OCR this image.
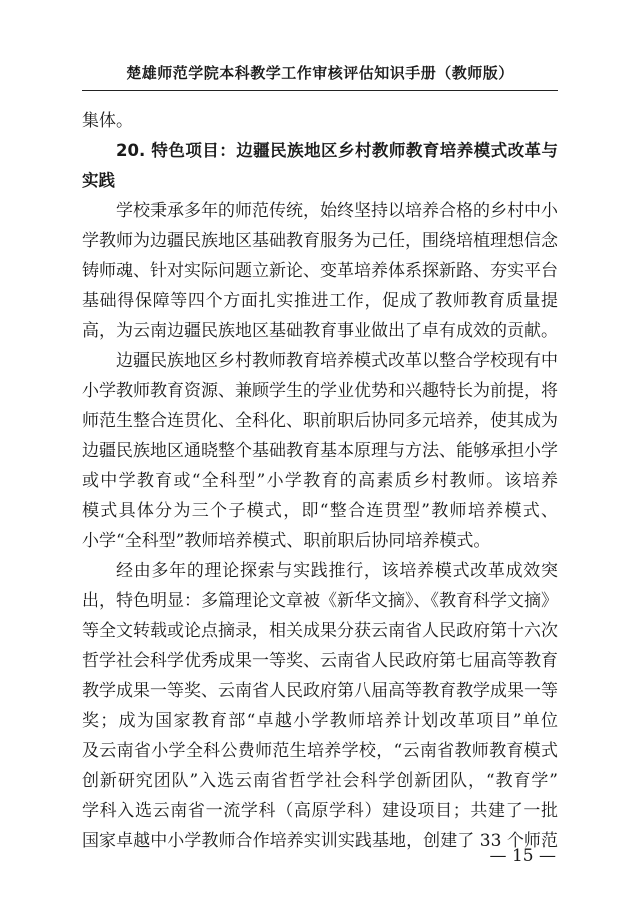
楚雄师范学院本科教学工作审核评估知识手册（教师版）
集体。
20. 特色项目：边疆民族地区乡村教师教育培养模式改革与
实践
学校秉承多年的师范传统，始终坚持以培养合格的乡村中小
学教师为边疆民族地区基础教育服务为己任，围绕培植理想信念
铸师魂、针对实际问题立新论、变革培养体系探新路、夯实平台
基础得保障等四个方面扎实推进工作，促成了教师教育质量提
高，为云南边疆民族地区基础教育事业做出了卓有成效的贡献。
边疆民族地区乡村教师教育培养模式改革以整合学校现有中
小学教师教育资源、兼顾学生的学业优势和兴趣特长为前提，将
师范生整合连贯化、全科化、职前职后协同多元培养，使其成为
边疆民族地区通晓整个基础教育基本原理与方法、能够承担小学
或中学教育或“全科型”小学教育的高素质乡村教师。该培养
模式具体分为三个子模式，即“整合连贯型”教师培养模式、
小学“全科型”教师培养模式、职前职后协同培养模式。
经由多年的理论探索与实践推行，该培养模式改革成效突
出，特色明显：多篇理论文章被《新华文摘》、《教育科学文摘》
等全文转载或论点摘录，相关成果分获云南省人民政府第十六次
哲学社会科学优秀成果一等奖、云南省人民政府第七届高等教育
教学成果一等奖、云南省人民政府第八届高等教育教学成果一等
奖；成为国家教育部“卓越小学教师培养计划改革项目”单位
及云南省小学全科公费师范生培养学校，“云南省教师教育模式
创新研究团队”入选云南省哲学社会科学创新团队，“教育学”
学科入选云南省一流学科（高原学科）建设项目；共建了一批
国家卓越中小学教师合作培养实训实践基地，创建了 33 个师范
— 15 —
